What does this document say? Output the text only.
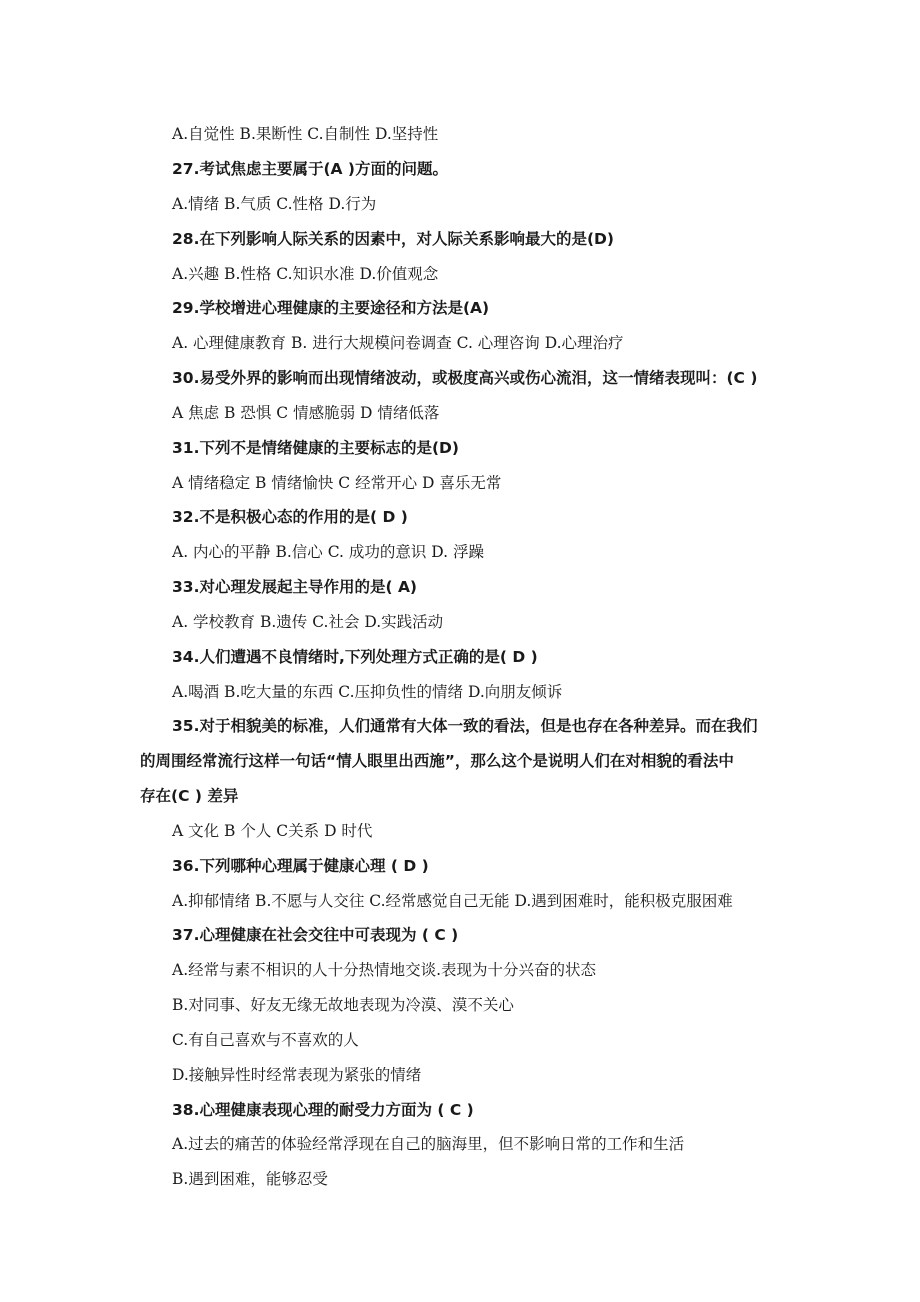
A.自觉性 B.果断性 C.自制性 D.坚持性
27.考试焦虑主要属于(A )方面的问题。
A.情绪 B.气质 C.性格 D.行为
28.在下列影响人际关系的因素中，对人际关系影响最大的是(D)
A.兴趣 B.性格 C.知识水准 D.价值观念
29.学校增进心理健康的主要途径和方法是(A)
A. 心理健康教育 B. 进行大规模问卷调查 C. 心理咨询 D.心理治疗
30.易受外界的影响而出现情绪波动，或极度高兴或伤心流泪，这一情绪表现叫：(C )
A 焦虑 B 恐惧 C 情感脆弱 D 情绪低落
31.下列不是情绪健康的主要标志的是(D)
A 情绪稳定 B 情绪愉快 C 经常开心 D 喜乐无常
32.不是积极心态的作用的是( D )
A. 内心的平静 B.信心 C. 成功的意识 D. 浮躁
33.对心理发展起主导作用的是( A)
A. 学校教育 B.遗传 C.社会 D.实践活动
34.人们遭遇不良情绪时,下列处理方式正确的是( D )
A.喝酒 B.吃大量的东西 C.压抑负性的情绪 D.向朋友倾诉
35.对于相貌美的标准，人们通常有大体一致的看法，但是也存在各种差异。而在我们
的周围经常流行这样一句话“情人眼里出西施”，那么这个是说明人们在对相貌的看法中
存在(C ) 差异
A 文化 B 个人 C关系 D 时代
36.下列哪种心理属于健康心理 ( D )
A.抑郁情绪 B.不愿与人交往 C.经常感觉自己无能 D.遇到困难时，能积极克服困难
37.心理健康在社会交往中可表现为 ( C )
A.经常与素不相识的人十分热情地交谈.表现为十分兴奋的状态
B.对同事、好友无缘无故地表现为冷漠、漠不关心
C.有自己喜欢与不喜欢的人
D.接触异性时经常表现为紧张的情绪
38.心理健康表现心理的耐受力方面为 ( C )
A.过去的痛苦的体验经常浮现在自己的脑海里，但不影响日常的工作和生活
B.遇到困难，能够忍受
